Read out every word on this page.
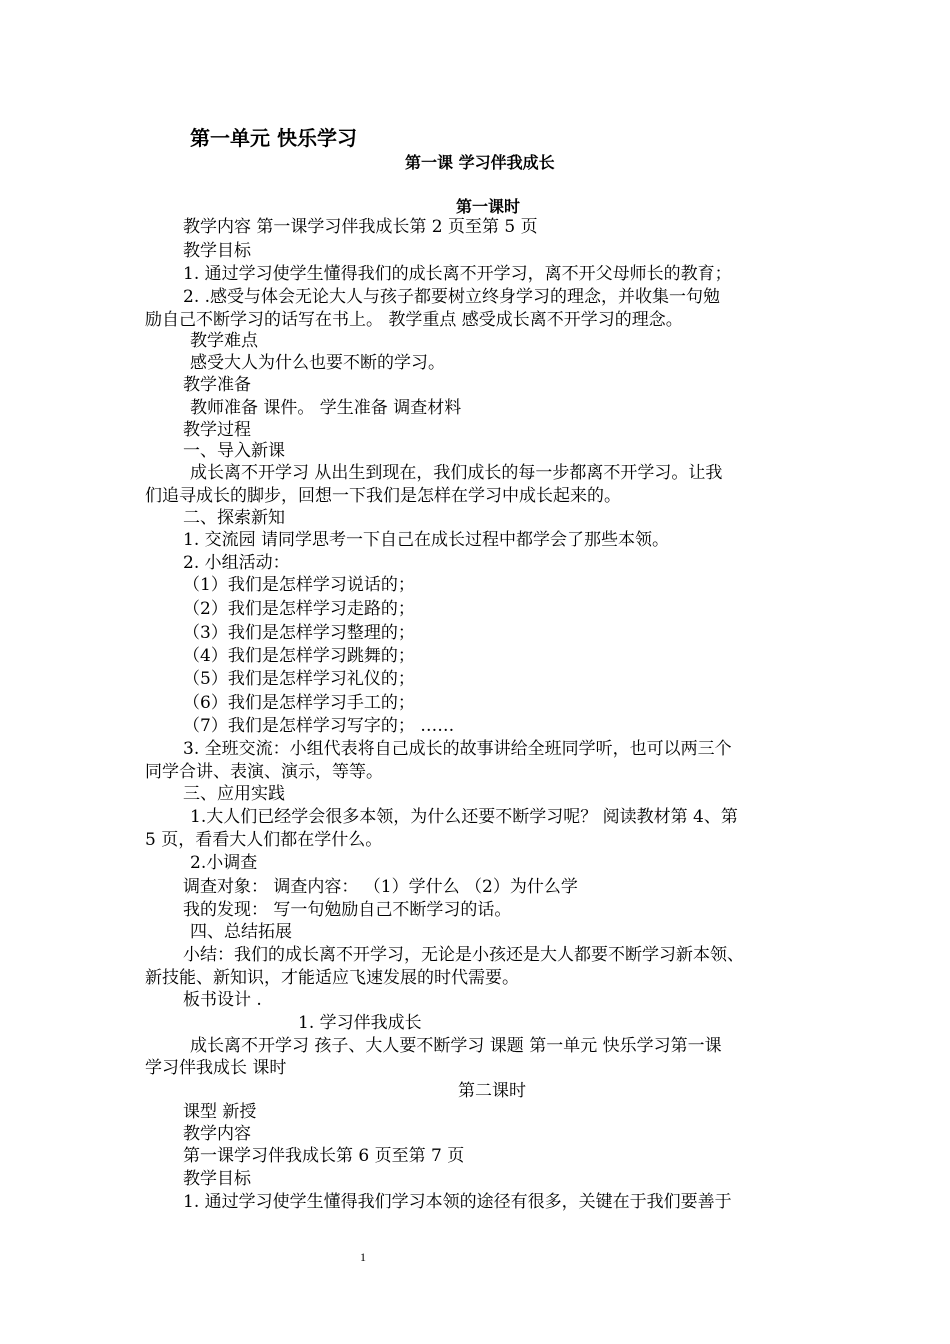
第一单元 快乐学习
第一课 学习伴我成长
第一课时
教学内容 第一课学习伴我成长第 2 页至第 5 页
教学目标
1. 通过学习使学生懂得我们的成长离不开学习，离不开父母师长的教育；
2. .感受与体会无论大人与孩子都要树立终身学习的理念，并收集一句勉
励自己不断学习的话写在书上。 教学重点 感受成长离不开学习的理念。
教学难点
感受大人为什么也要不断的学习。
教学准备
教师准备 课件。 学生准备 调查材料
教学过程
一、导入新课
成长离不开学习 从出生到现在，我们成长的每一步都离不开学习。让我
们追寻成长的脚步，回想一下我们是怎样在学习中成长起来的。
二、探索新知
1. 交流园 请同学思考一下自己在成长过程中都学会了那些本领。
2. 小组活动：
（1）我们是怎样学习说话的；
（2）我们是怎样学习走路的；
（3）我们是怎样学习整理的；
（4）我们是怎样学习跳舞的；
（5）我们是怎样学习礼仪的；
（6）我们是怎样学习手工的；
（7）我们是怎样学习写字的； ……
3. 全班交流：小组代表将自己成长的故事讲给全班同学听，也可以两三个
同学合讲、表演、演示，等等。
三、应用实践
1.大人们已经学会很多本领，为什么还要不断学习呢？ 阅读教材第 4、第
5 页，看看大人们都在学什么。
2.小调查
调查对象： 调查内容： （1）学什么 （2）为什么学
我的发现： 写一句勉励自己不断学习的话。
四、总结拓展
小结：我们的成长离不开学习，无论是小孩还是大人都要不断学习新本领、
新技能、新知识，才能适应飞速发展的时代需要。
板书设计 .
1. 学习伴我成长
成长离不开学习 孩子、大人要不断学习 课题 第一单元 快乐学习第一课
学习伴我成长 课时
第二课时
课型 新授
教学内容
第一课学习伴我成长第 6 页至第 7 页
教学目标
1. 通过学习使学生懂得我们学习本领的途径有很多，关键在于我们要善于
1
